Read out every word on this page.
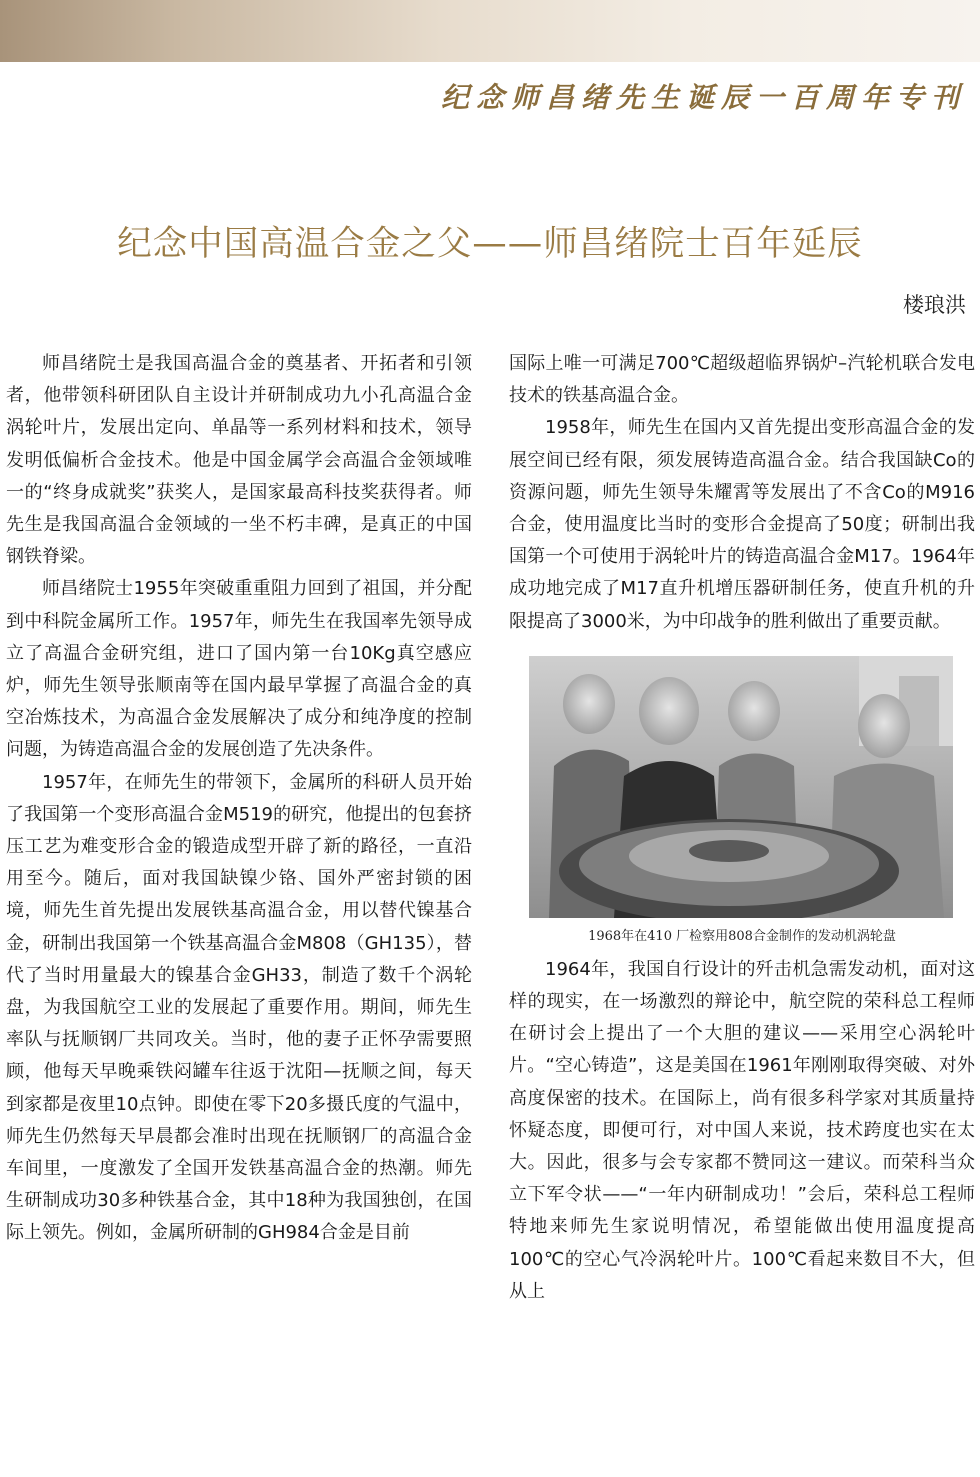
纪念师昌绪先生诞辰一百周年专刊
纪念中国高温合金之父——师昌绪院士百年延辰
楼琅洪

师昌绪院士是我国高温合金的奠基者、开拓者和引领者，他带领科研团队自主设计并研制成功九小孔高温合金涡轮叶片，发展出定向、单晶等一系列材料和技术，领导发明低偏析合金技术。他是中国金属学会高温合金领域唯一的“终身成就奖”获奖人，是国家最高科技奖获得者。师先生是我国高温合金领域的一坐不朽丰碑，是真正的中国钢铁脊梁。

师昌绪院士1955年突破重重阻力回到了祖国，并分配到中科院金属所工作。1957年，师先生在我国率先领导成立了高温合金研究组，进口了国内第一台10Kg真空感应炉，师先生领导张顺南等在国内最早掌握了高温合金的真空冶炼技术，为高温合金发展解决了成分和纯净度的控制问题，为铸造高温合金的发展创造了先决条件。

1957年，在师先生的带领下，金属所的科研人员开始了我国第一个变形高温合金M519的研究，他提出的包套挤压工艺为难变形合金的锻造成型开辟了新的路径，一直沿用至今。随后，面对我国缺镍少铬、国外严密封锁的困境，师先生首先提出发展铁基高温合金，用以替代镍基合金，研制出我国第一个铁基高温合金M808（GH135），替代了当时用量最大的镍基合金GH33，制造了数千个涡轮盘，为我国航空工业的发展起了重要作用。期间，师先生率队与抚顺钢厂共同攻关。当时，他的妻子正怀孕需要照顾，他每天早晚乘铁闷罐车往返于沈阳—抚顺之间，每天到家都是夜里10点钟。即使在零下20多摄氏度的气温中，师先生仍然每天早晨都会准时出现在抚顺钢厂的高温合金车间里，一度激发了全国开发铁基高温合金的热潮。师先生研制成功30多种铁基合金，其中18种为我国独创，在国际上领先。例如，金属所研制的GH984合金是目前

国际上唯一可满足700℃超级超临界锅炉–汽轮机联合发电技术的铁基高温合金。

1958年，师先生在国内又首先提出变形高温合金的发展空间已经有限，须发展铸造高温合金。结合我国缺Co的资源问题，师先生领导朱耀霄等发展出了不含Co的M916合金，使用温度比当时的变形合金提高了50度；研制出我国第一个可使用于涡轮叶片的铸造高温合金M17。1964年成功地完成了M17直升机增压器研制任务，使直升机的升限提高了3000米，为中印战争的胜利做出了重要贡献。

1968年在410 厂检察用808合金制作的发动机涡轮盘

1964年，我国自行设计的歼击机急需发动机，面对这样的现实，在一场激烈的辩论中，航空院的荣科总工程师在研讨会上提出了一个大胆的建议——采用空心涡轮叶片。“空心铸造”，这是美国在1961年刚刚取得突破、对外高度保密的技术。在国际上，尚有很多科学家对其质量持怀疑态度，即便可行，对中国人来说，技术跨度也实在太大。因此，很多与会专家都不赞同这一建议。而荣科当众立下军令状——“一年内研制成功！”会后，荣科总工程师特地来师先生家说明情况，希望能做出使用温度提高100℃的空心气冷涡轮叶片。100℃看起来数目不大，但从上
